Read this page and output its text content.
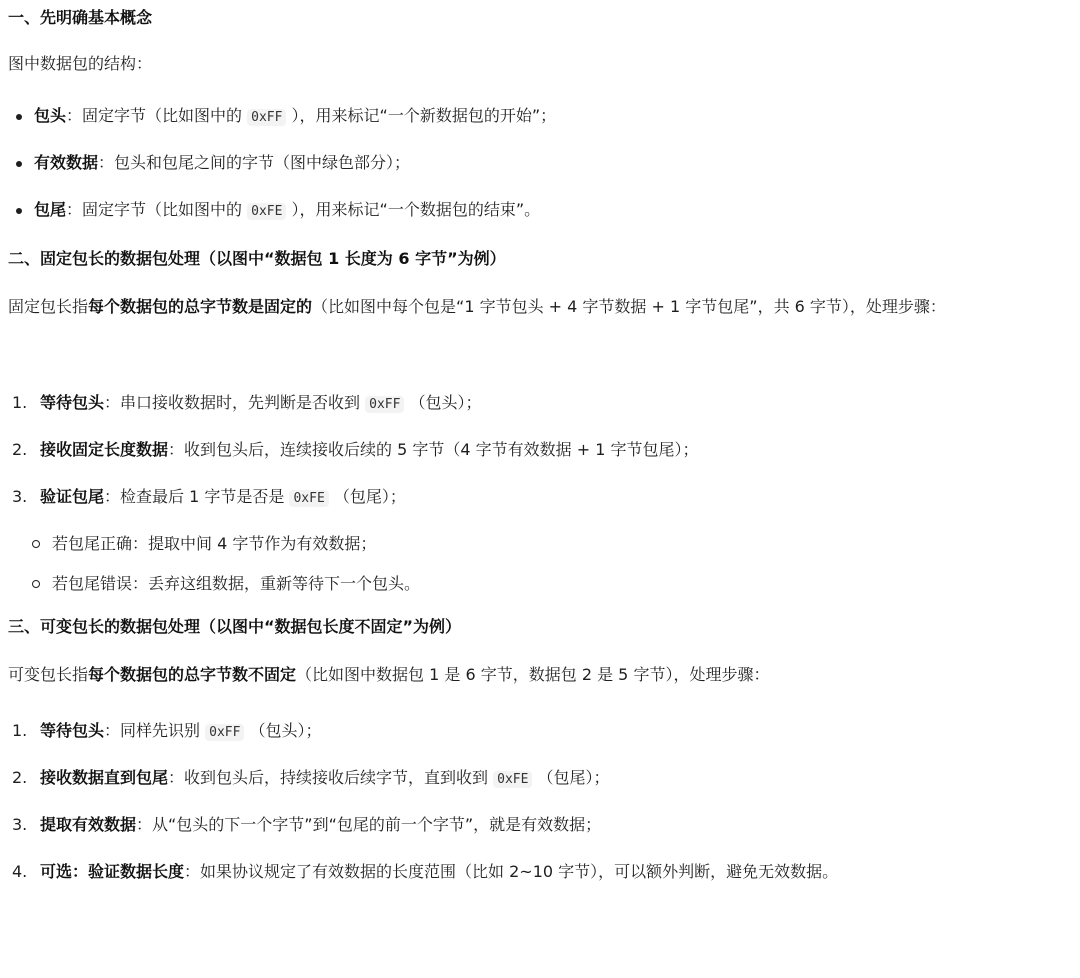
一、先明确基本概念

图中数据包的结构：

包头：固定字节（比如图中的 0xFF ），用来标记“一个新数据包的开始”；
有效数据：包头和包尾之间的字节（图中绿色部分）；
包尾：固定字节（比如图中的 0xFE ），用来标记“一个数据包的结束”。

二、固定包长的数据包处理（以图中“数据包 1 长度为 6 字节”为例）

固定包长指每个数据包的总字节数是固定的（比如图中每个包是“1 字节包头 + 4 字节数据 + 1 字节包尾”，共 6 字节），处理步骤：

1. 等待包头：串口接收数据时，先判断是否收到 0xFF （包头）；
2. 接收固定长度数据：收到包头后，连续接收后续的 5 字节（4 字节有效数据 + 1 字节包尾）；
3. 验证包尾：检查最后 1 字节是否是 0xFE （包尾）；
若包尾正确：提取中间 4 字节作为有效数据；
若包尾错误：丢弃这组数据，重新等待下一个包头。

三、可变包长的数据包处理（以图中“数据包长度不固定”为例）

可变包长指每个数据包的总字节数不固定（比如图中数据包 1 是 6 字节，数据包 2 是 5 字节），处理步骤：

1. 等待包头：同样先识别 0xFF （包头）；
2. 接收数据直到包尾：收到包头后，持续接收后续字节，直到收到 0xFE （包尾）；
3. 提取有效数据：从“包头的下一个字节”到“包尾的前一个字节”，就是有效数据；
4. 可选：验证数据长度：如果协议规定了有效数据的长度范围（比如 2~10 字节），可以额外判断，避免无效数据。
